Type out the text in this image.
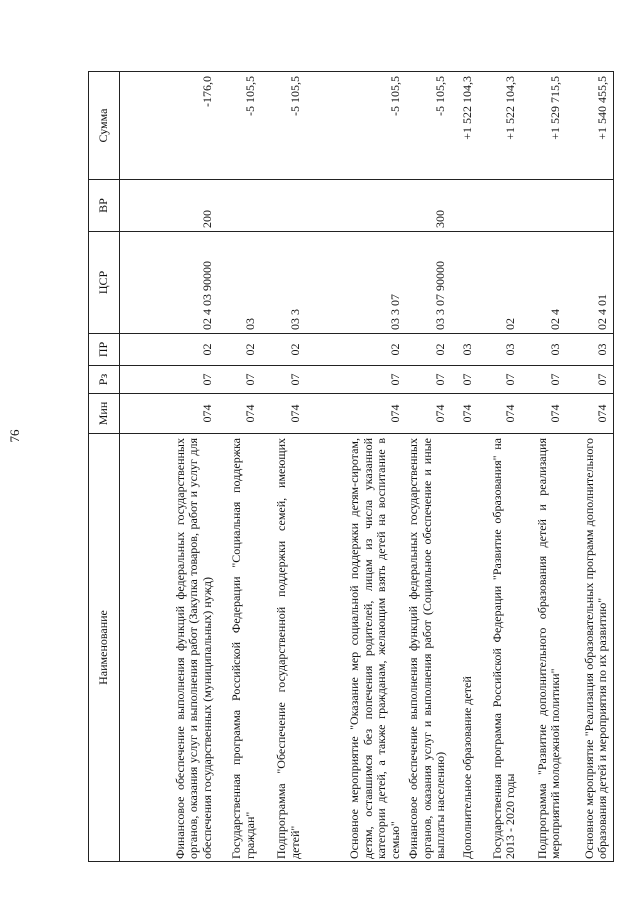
76
Наименование	Мин	Рз	ПР	ЦСР	ВР	Сумма
Финансовое обеспечение выполнения функций федеральных государственных органов, оказания услуг и выполнения работ (Закупка товаров, работ и услуг для обеспечения государственных (муниципальных) нужд)	074	07	02	02 4 03 90000	200	-176,0
Государственная программа Российской Федерации "Социальная поддержка граждан"	074	07	02	03		-5 105,5
Подпрограмма "Обеспечение государственной поддержки семей, имеющих детей"	074	07	02	03 3		-5 105,5
Основное мероприятие "Оказание мер социальной поддержки детям-сиротам, детям, оставшимся без попечения родителей, лицам из числа указанной категории детей, а также гражданам, желающим взять детей на воспитание в семью"	074	07	02	03 3 07		-5 105,5
Финансовое обеспечение выполнения функций федеральных государственных органов, оказания услуг и выполнения работ (Социальное обеспечение и иные выплаты населению)	074	07	02	03 3 07 90000	300	-5 105,5
Дополнительное образование детей	074	07	03			+1 522 104,3
Государственная программа Российской Федерации "Развитие образования" на 2013 - 2020 годы	074	07	03	02		+1 522 104,3
Подпрограмма "Развитие дополнительного образования детей и реализация мероприятий молодежной политики"	074	07	03	02 4		+1 529 715,5
Основное мероприятие "Реализация образовательных программ дополнительного образования детей и мероприятия по их развитию"	074	07	03	02 4 01		+1 540 455,5
